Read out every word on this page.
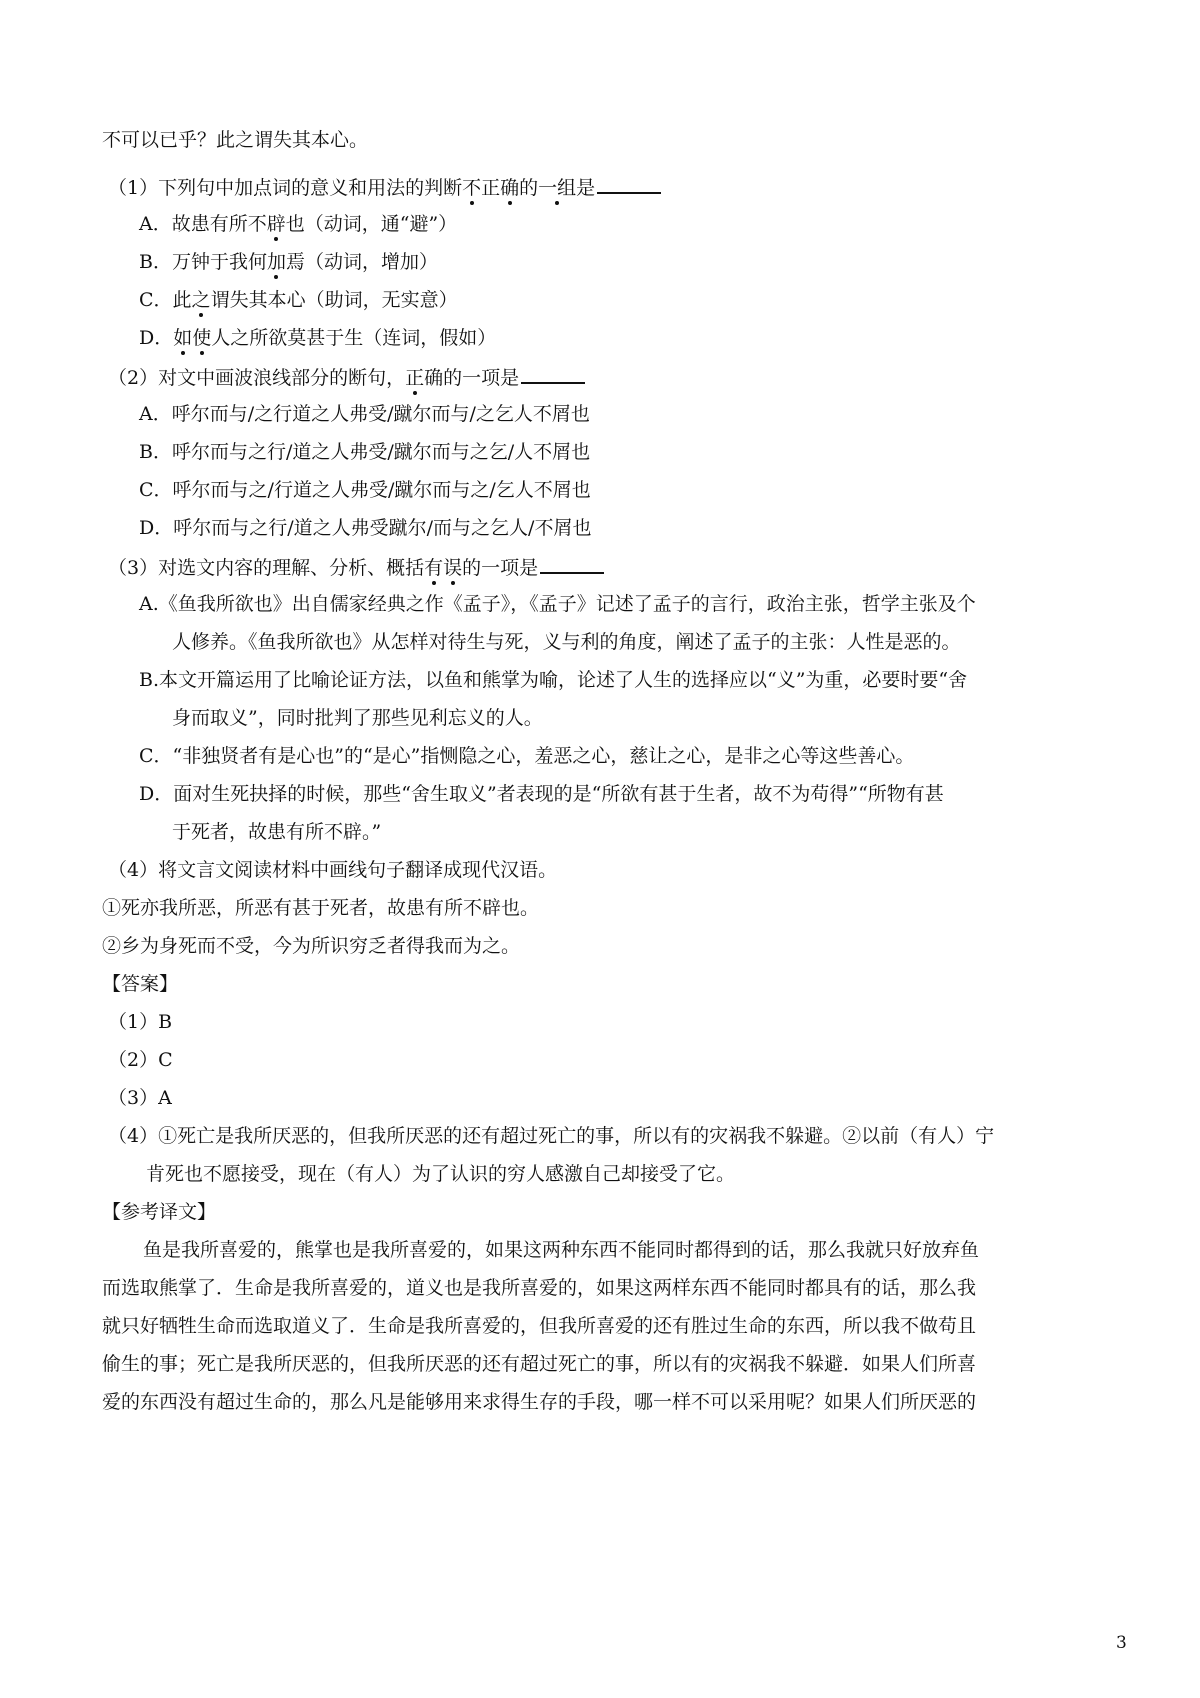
不可以已乎？此之谓失其本心。
（1）下列句中加点词的意义和用法的判断不正确的一组是
A．故患有所不辟也（动词，通“避”）
B．万钟于我何加焉（动词，增加）
C．此之谓失其本心（助词，无实意）
D．如使人之所欲莫甚于生（连词，假如）
（2）对文中画波浪线部分的断句，正确的一项是
A．呼尔而与/之行道之人弗受/蹴尔而与/之乞人不屑也
B．呼尔而与之行/道之人弗受/蹴尔而与之乞/人不屑也
C．呼尔而与之/行道之人弗受/蹴尔而与之/乞人不屑也
D．呼尔而与之行/道之人弗受蹴尔/而与之乞人/不屑也
（3）对选文内容的理解、分析、概括有误的一项是
A.《鱼我所欲也》出自儒家经典之作《孟子》，《孟子》记述了孟子的言行，政治主张，哲学主张及个
人修养。《鱼我所欲也》从怎样对待生与死，义与利的角度，阐述了孟子的主张：人性是恶的。
B.本文开篇运用了比喻论证方法，以鱼和熊掌为喻，论述了人生的选择应以“义”为重，必要时要“舍
身而取义”，同时批判了那些见利忘义的人。
C．“非独贤者有是心也”的“是心”指恻隐之心，羞恶之心，慈让之心，是非之心等这些善心。
D．面对生死抉择的时候，那些“舍生取义”者表现的是“所欲有甚于生者，故不为苟得”“所物有甚
于死者，故患有所不辟。”
（4）将文言文阅读材料中画线句子翻译成现代汉语。
①死亦我所恶，所恶有甚于死者，故患有所不辟也。
②乡为身死而不受，今为所识穷乏者得我而为之。
【答案】
（1）B
（2）C
（3）A
（4）①死亡是我所厌恶的，但我所厌恶的还有超过死亡的事，所以有的灾祸我不躲避。②以前（有人）宁
肯死也不愿接受，现在（有人）为了认识的穷人感激自己却接受了它。
【参考译文】
鱼是我所喜爱的，熊掌也是我所喜爱的，如果这两种东西不能同时都得到的话，那么我就只好放弃鱼
而选取熊掌了．生命是我所喜爱的，道义也是我所喜爱的，如果这两样东西不能同时都具有的话，那么我
就只好牺牲生命而选取道义了．生命是我所喜爱的，但我所喜爱的还有胜过生命的东西，所以我不做苟且
偷生的事；死亡是我所厌恶的，但我所厌恶的还有超过死亡的事，所以有的灾祸我不躲避．如果人们所喜
爱的东西没有超过生命的，那么凡是能够用来求得生存的手段，哪一样不可以采用呢？如果人们所厌恶的
3
